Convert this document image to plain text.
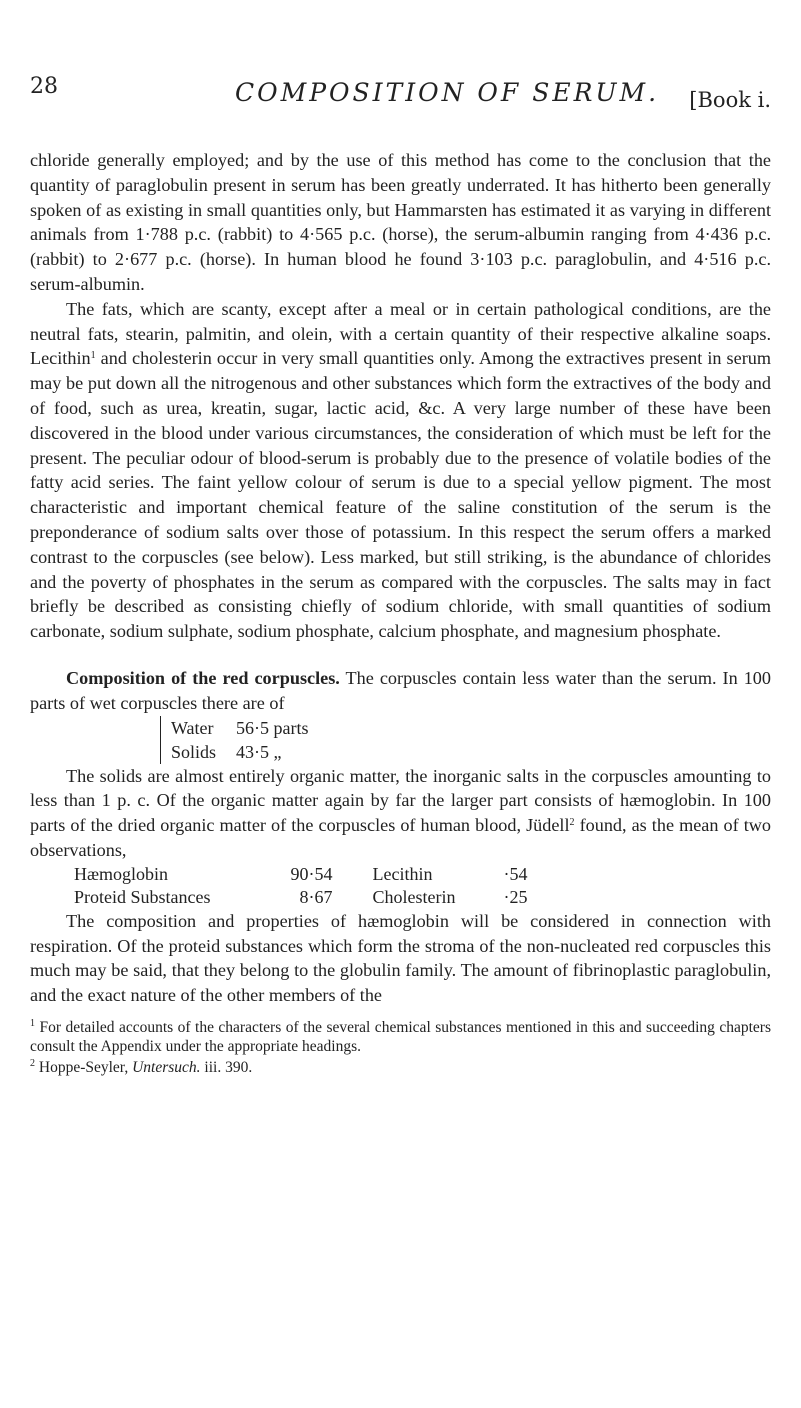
28	COMPOSITION OF SERUM. [Book i.

chloride generally employed; and by the use of this method has come to the conclusion that the quantity of paraglobulin present in serum has been greatly underrated. It has hitherto been generally spoken of as existing in small quantities only, but Hammarsten has estimated it as varying in different animals from 1·788 p.c. (rabbit) to 4·565 p.c. (horse), the serum-albumin ranging from 4·436 p.c. (rabbit) to 2·677 p.c. (horse). In human blood he found 3·103 p.c. paraglobulin, and 4·516 p.c. serum-albumin.

The fats, which are scanty, except after a meal or in certain pathological conditions, are the neutral fats, stearin, palmitin, and olein, with a certain quantity of their respective alkaline soaps. Lecithin$^1$ and cholesterin occur in very small quantities only. Among the extractives present in serum may be put down all the nitrogenous and other substances which form the extractives of the body and of food, such as urea, kreatin, sugar, lactic acid, &c. A very large number of these have been discovered in the blood under various circumstances, the consideration of which must be left for the present. The peculiar odour of blood-serum is probably due to the presence of volatile bodies of the fatty acid series. The faint yellow colour of serum is due to a special yellow pigment. The most characteristic and important chemical feature of the saline constitution of the serum is the preponderance of sodium salts over those of potassium. In this respect the serum offers a marked contrast to the corpuscles (see below). Less marked, but still striking, is the abundance of chlorides and the poverty of phosphates in the serum as compared with the corpuscles. The salts may in fact briefly be described as consisting chiefly of sodium chloride, with small quantities of sodium carbonate, sodium sulphate, sodium phosphate, calcium phosphate, and magnesium phosphate.

Composition of the red corpuscles. The corpuscles contain less water than the serum. In 100 parts of wet corpuscles there are of

Water	56·5 parts
Solids	43·5 „

The solids are almost entirely organic matter, the inorganic salts in the corpuscles amounting to less than 1 p. c. Of the organic matter again by far the larger part consists of hæmoglobin. In 100 parts of the dried organic matter of the corpuscles of human blood, Jüdell$^2$ found, as the mean of two observations,

Hæmoglobin	90·54	Lecithin	·54
Proteid Substances	8·67	Cholesterin	·25

The composition and properties of hæmoglobin will be considered in connection with respiration. Of the proteid substances which form the stroma of the non-nucleated red corpuscles this much may be said, that they belong to the globulin family. The amount of fibrinoplastic paraglobulin, and the exact nature of the other members of the

$^1$ For detailed accounts of the characters of the several chemical substances mentioned in this and succeeding chapters consult the Appendix under the appropriate headings.

$^2$ Hoppe-Seyler, Untersuch. iii. 390.
